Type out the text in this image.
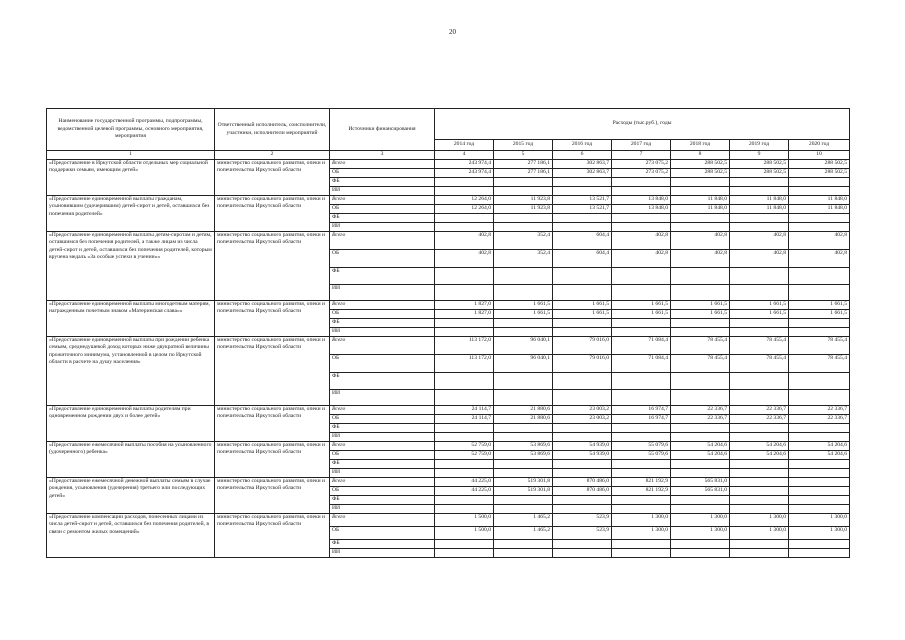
20
Наименование государственной программы, подпрограммы, ведомственной целевой программы, основного мероприятия, мероприятия	Ответственный исполнитель, соисполнители, участники, исполнители мероприятий	Источники финансирования	Расходы (тыс.руб.), годы						
			2014 год	2015 год	2016 год	2017 год	2018 год	2019 год	2020 год
1	2	3	4	5	6	7	8	9	10
«Предоставление в Иркутской области отдельных мер социальной поддержки семьям, имеющим детей»	министерство социального развития, опеки и попечительства Иркутской области	Всего	243 974,4	277 186,1	302 863,7	273 075,2	288 502,5	288 502,5	288 502,5
		ОБ	243 974,4	277 186,1	302 863,7	273 075,2	288 502,5	288 502,5	288 502,5
		ФБ							
		ИИ							
«Предоставление единовременной выплаты гражданам, усыновившим (удочерившим) детей-сирот и детей, оставшихся без попечения родителей»	министерство социального развития, опеки и попечительства Иркутской области	Всего	12 264,0	11 923,8	13 521,7	13 848,0	11 848,0	11 848,0	11 848,0
		ОБ	12 264,0	11 923,8	13 521,7	13 848,0	11 848,0	11 848,0	11 848,0
		ФБ							
		ИИ							
«Предоставление единовременной выплаты детям-сиротам и детям, оставшимся без попечения родителей, а также лицам из числа детей-сирот и детей, оставшихся без попечения родителей, которым вручена медаль «За особые успехи в учении»»	министерство социального развития, опеки и попечительства Иркутской области	Всего	402,8	352,4	604,4	402,8	402,8	402,8	402,8
		ОБ	402,8	352,4	604,4	402,8	402,8	402,8	402,8
		ФБ							
		ИИ							
«Предоставление единовременной выплаты многодетным матерям, награжденным почетным знаком «Материнская слава»»	министерство социального развития, опеки и попечительства Иркутской области	Всего	1 827,0	1 661,5	1 661,5	1 661,5	1 661,5	1 661,5	1 661,5
		ОБ	1 827,0	1 661,5	1 661,5	1 661,5	1 661,5	1 661,5	1 661,5
		ФБ							
		ИИ							
«Предоставление единовременной выплаты при рождении ребенка семьям, среднедушевой доход которых ниже двукратной величины прожиточного минимума, установленной в целом по Иркутской области в расчете на душу населения»	министерство социального развития, опеки и попечительства Иркутской области	Всего	113 172,0	96 040,1	79 016,0	71 084,4	78 455,4	78 455,4	78 455,4
		ОБ	113 172,0	96 040,1	79 016,0	71 084,4	78 455,4	78 455,4	78 455,4
		ФБ							
		ИИ							
«Предоставление единовременной выплаты родителям при одновременном рождении двух и более детей»	министерство социального развития, опеки и попечительства Иркутской области	Всего	24 114,7	21 880,6	23 003,2	16 974,7	22 336,7	22 336,7	22 336,7
		ОБ	24 114,7	21 880,6	23 003,2	16 974,7	22 336,7	22 336,7	22 336,7
		ФБ							
		ИИ							
«Предоставление ежемесячной выплаты пособия на усыновленного (удочеренного) ребенка»	министерство социального развития, опеки и попечительства Иркутской области	Всего	52 759,0	53 869,6	54 939,0	55 079,6	54 204,6	54 204,6	54 204,6
		ОБ	52 759,0	53 869,6	54 939,0	55 079,6	54 204,6	54 204,6	54 204,6
		ФБ							
		ИИ							
«Предоставление ежемесячной денежной выплаты семьям в случае рождения, усыновления (удочерения) третьего или последующих детей»	министерство социального развития, опеки и попечительства Иркутской области	Всего	44 225,0	519 301,8	870 486,0	821 192,9	565 831,0		
		ОБ	44 225,0	519 301,8	870 486,0	821 192,9	565 831,0		
		ФБ							
		ИИ							
«Предоставление компенсации расходов, понесенных лицами из числа детей-сирот и детей, оставшихся без попечения родителей, в связи с ремонтом жилых помещений»	министерство социального развития, опеки и попечительства Иркутской области	Всего	1 500,0	1 465,2	523,9	1 300,0	1 300,0	1 300,0	1 300,0
		ОБ	1 500,0	1 465,2	523,9	1 300,0	1 300,0	1 300,0	1 300,0
		ФБ							
		ИИ							
